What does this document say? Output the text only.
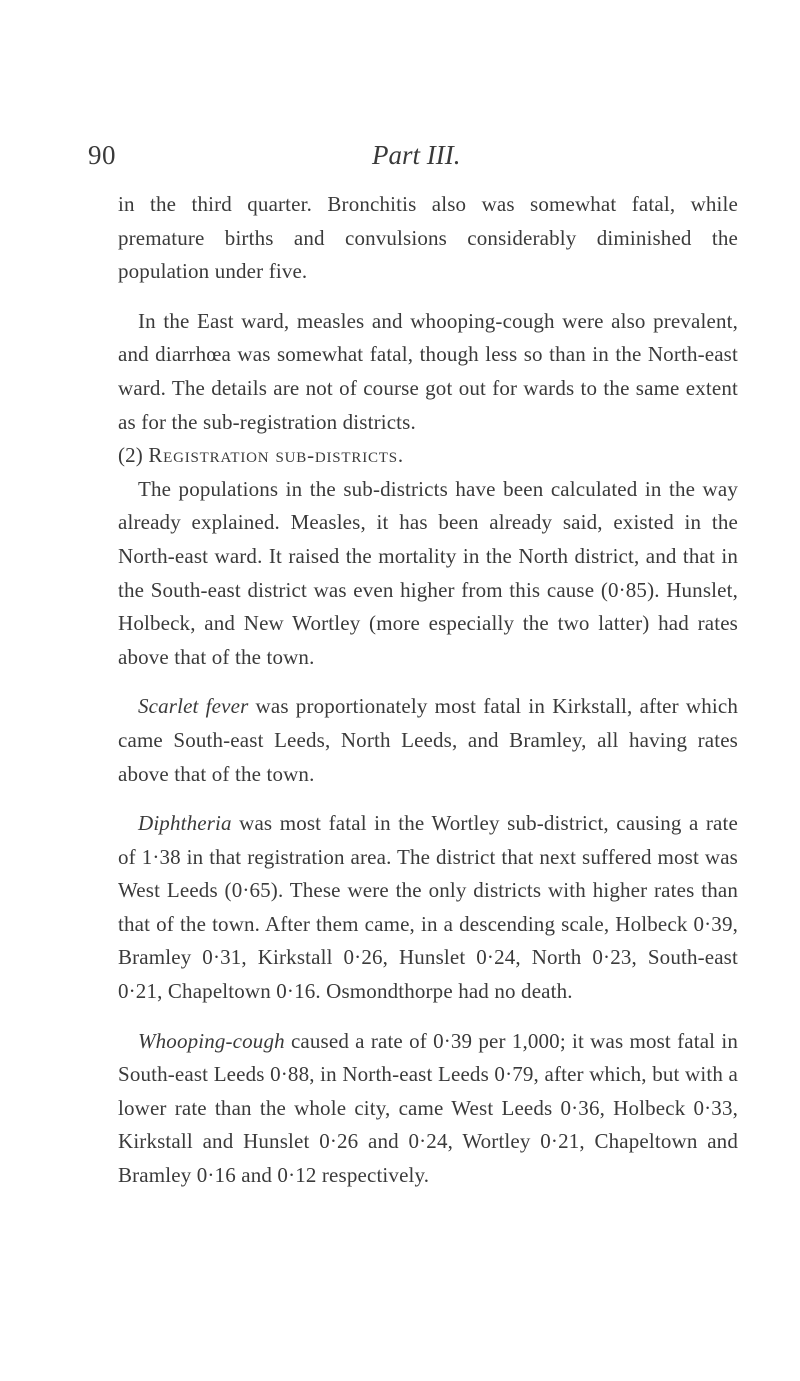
90	Part III.

in the third quarter. Bronchitis also was somewhat fatal, while premature births and convulsions considerably diminished the population under five.

In the East ward, measles and whooping-cough were also prevalent, and diarrhœa was somewhat fatal, though less so than in the North-east ward. The details are not of course got out for wards to the same extent as for the sub-registration districts.

(2) Registration sub-districts.

The populations in the sub-districts have been calculated in the way already explained. Measles, it has been already said, existed in the North-east ward. It raised the mortality in the North district, and that in the South-east district was even higher from this cause (0·85). Hunslet, Holbeck, and New Wortley (more especially the two latter) had rates above that of the town.

Scarlet fever was proportionately most fatal in Kirkstall, after which came South-east Leeds, North Leeds, and Bramley, all having rates above that of the town.

Diphtheria was most fatal in the Wortley sub-district, causing a rate of 1·38 in that registration area. The district that next suffered most was West Leeds (0·65). These were the only districts with higher rates than that of the town. After them came, in a descending scale, Holbeck 0·39, Bramley 0·31, Kirkstall 0·26, Hunslet 0·24, North 0·23, South-east 0·21, Chapeltown 0·16. Osmondthorpe had no death.

Whooping-cough caused a rate of 0·39 per 1,000; it was most fatal in South-east Leeds 0·88, in North-east Leeds 0·79, after which, but with a lower rate than the whole city, came West Leeds 0·36, Holbeck 0·33, Kirkstall and Hunslet 0·26 and 0·24, Wortley 0·21, Chapeltown and Bramley 0·16 and 0·12 respectively.
